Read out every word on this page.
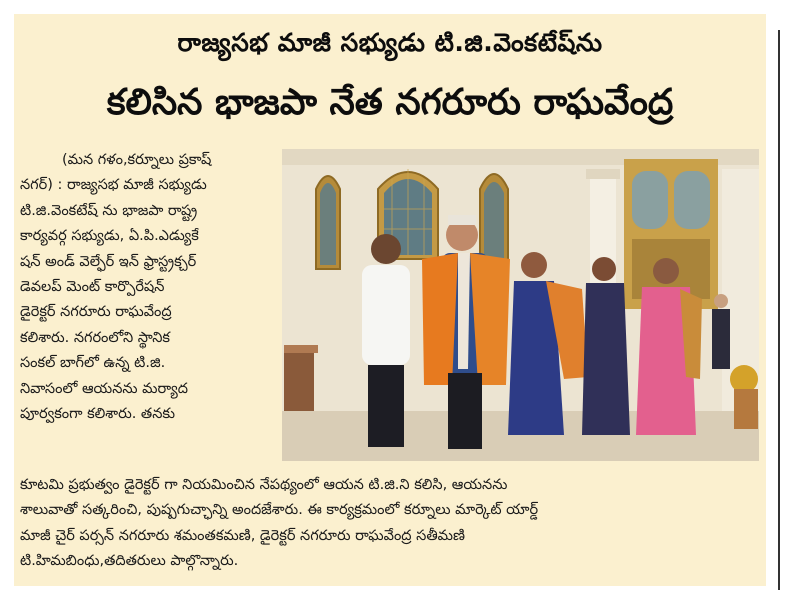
రాజ్యసభ మాజీ సభ్యుడు టి.జి.వెంకటేష్‌ను
కలిసిన భాజపా నేత నగరూరు రాఘవేంద్ర
(మన గళం,కర్నూలు ప్రకాష్
నగర్) : రాజ్యసభ మాజీ సభ్యుడు
టి.జి.వెంకటేష్ ను భాజపా రాష్ట్ర
కార్యవర్గ సభ్యుడు, ఏ.పి.ఎడ్యుకే
షన్ అండ్ వెల్ఫేర్ ఇన్ ఫ్రాస్ట్రక్చర్
డెవలప్ మెంట్ కార్పొరేషన్
డైరెక్టర్ నగరూరు రాఘవేంద్ర
కలిశారు. నగరంలోని స్థానిక
సంకల్ బాగ్‌లో ఉన్న టి.జి.
నివాసంలో ఆయనను మర్యాద
పూర్వకంగా కలిశారు. తనకు
కూటమి ప్రభుత్వం డైరెక్టర్ గా నియమించిన నేపథ్యంలో ఆయన టి.జి.ని కలిసి, ఆయనను
శాలువాతో సత్కరించి, పుష్పగుచ్ఛాన్ని అందజేశారు. ఈ కార్యక్రమంలో కర్నూలు మార్కెట్ యార్డ్
మాజీ చైర్ పర్సన్ నగరూరు శమంతకమణి, డైరెక్టర్ నగరూరు రాఘవేంద్ర సతీమణి
టి.హిమబింధు,తదితరులు పాల్గొన్నారు.
